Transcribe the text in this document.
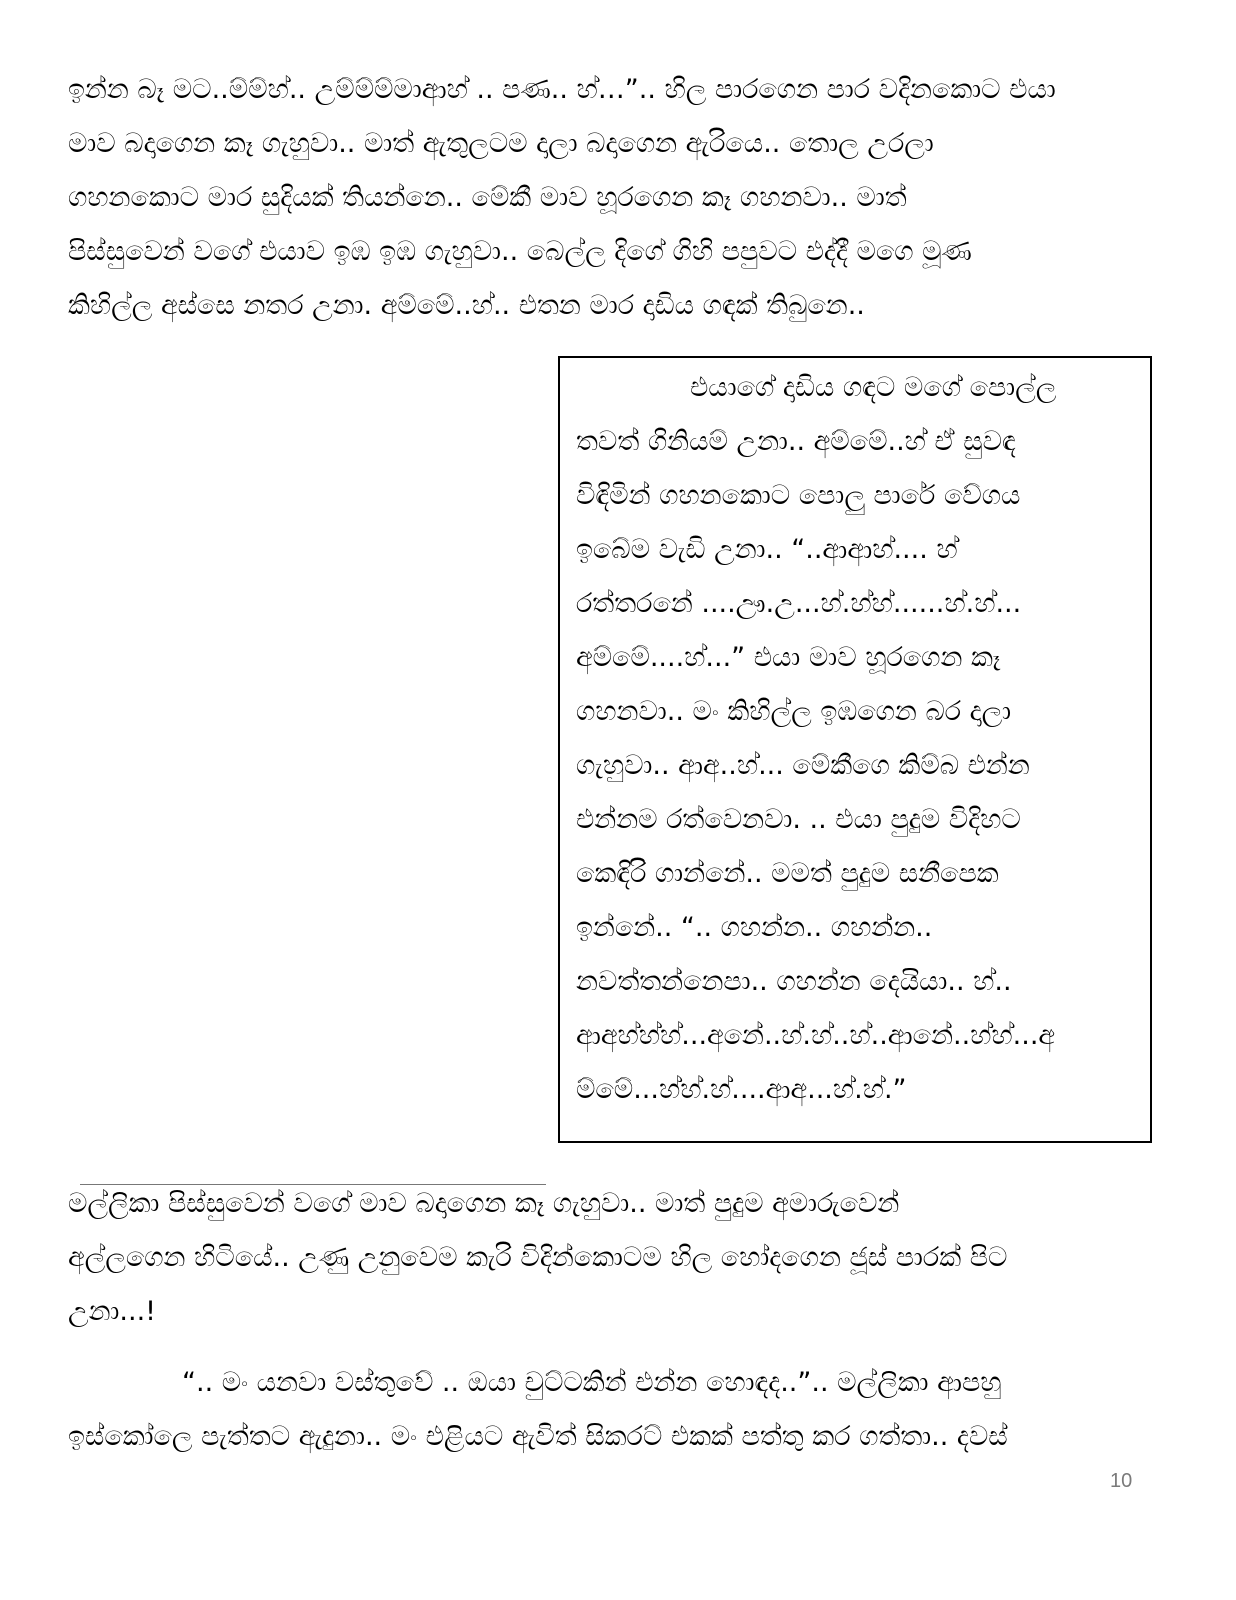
ඉන්න බෑ මට..ම්ම්හ්.. උම්ම්ම්මාආහ් .. පණ.. හ්…”.. හිල පාරගෙන පාර වදිනකොට එයා
මාව බදාගෙන කෑ ගැහුවා.. මාත් ඇතුලටම දාලා බදාගෙන ඇරියෙ.. තොල උරලා
ගහනකොට මාර සුදියක් තියන්නෙ.. මේකී මාව හූරගෙන කෑ ගහනවා.. මාත්
පිස්සුවෙන් වගේ එයාව ඉඹ ඉඹ ගැහුවා.. බෙල්ල දිගේ ගිහි පපුවට එද්දී මගෙ මූණ
කිහිල්ල අස්සෙ නතර උනා. අම්මේ..හ්.. එතන මාර දාඩිය ගඳක් තිබුනෙ..
එයාගේ දාඩිය ගඳට මගේ පොල්ල
තවත් ගිනියම් උනා.. අම්මේ..හ් ඒ සුවඳ
විඳිමින් ගහනකොට පොලු පාරේ වේගය
ඉබේම වැඩි උනා.. “..ආආහ්.... හ්
රත්තරනේ ....ඌ.උ...හ්.හ්හ්......හ්.හ්...
අම්මේ....හ්...” එයා මාව හූරගෙන කෑ
ගහනවා.. මං කිහිල්ල ඉඹගෙන බර දාලා
ගැහුවා.. ආඅ..හ්... මේකීගෙ කිම්බ එන්න
එන්නම රත්වෙනවා. .. එයා පුදුම විදිහට
කෙඳිරි ගාන්නේ.. මමත් පුදුම සනීපෙක
ඉන්නේ.. “.. ගහන්න.. ගහන්න..
නවත්තන්නෙපා.. ගහන්න දෙයියා.. හ්..
ආඅහ්හ්හ්...අනේ..හ්.හ්..හ්..ආනේ..හ්හ්...අ
ම්මේ...හ්හ්.හ්....ආඅ...හ්.හ්.”
මල්ලිකා පිස්සුවෙන් වගේ මාව බදාගෙන කෑ ගැහුවා.. මාත් පුදුම අමාරුවෙන්
අල්ලගෙන හිටියේ.. උණු උනුවෙම කැරි විදින්කොටම හිල හෝදගෙන ජූස් පාරක් පිට
උනා...!
“.. මං යනවා වස්තුවේ .. ඔයා චුට්ටකින් එන්න හොඳද..”.. මල්ලිකා ආපහු
ඉස්කෝලෙ පැත්තට ඇදුනා.. මං එළියට ඇවිත් සිකරට් එකක් පත්තු කර ගත්තා.. දවස්
10
